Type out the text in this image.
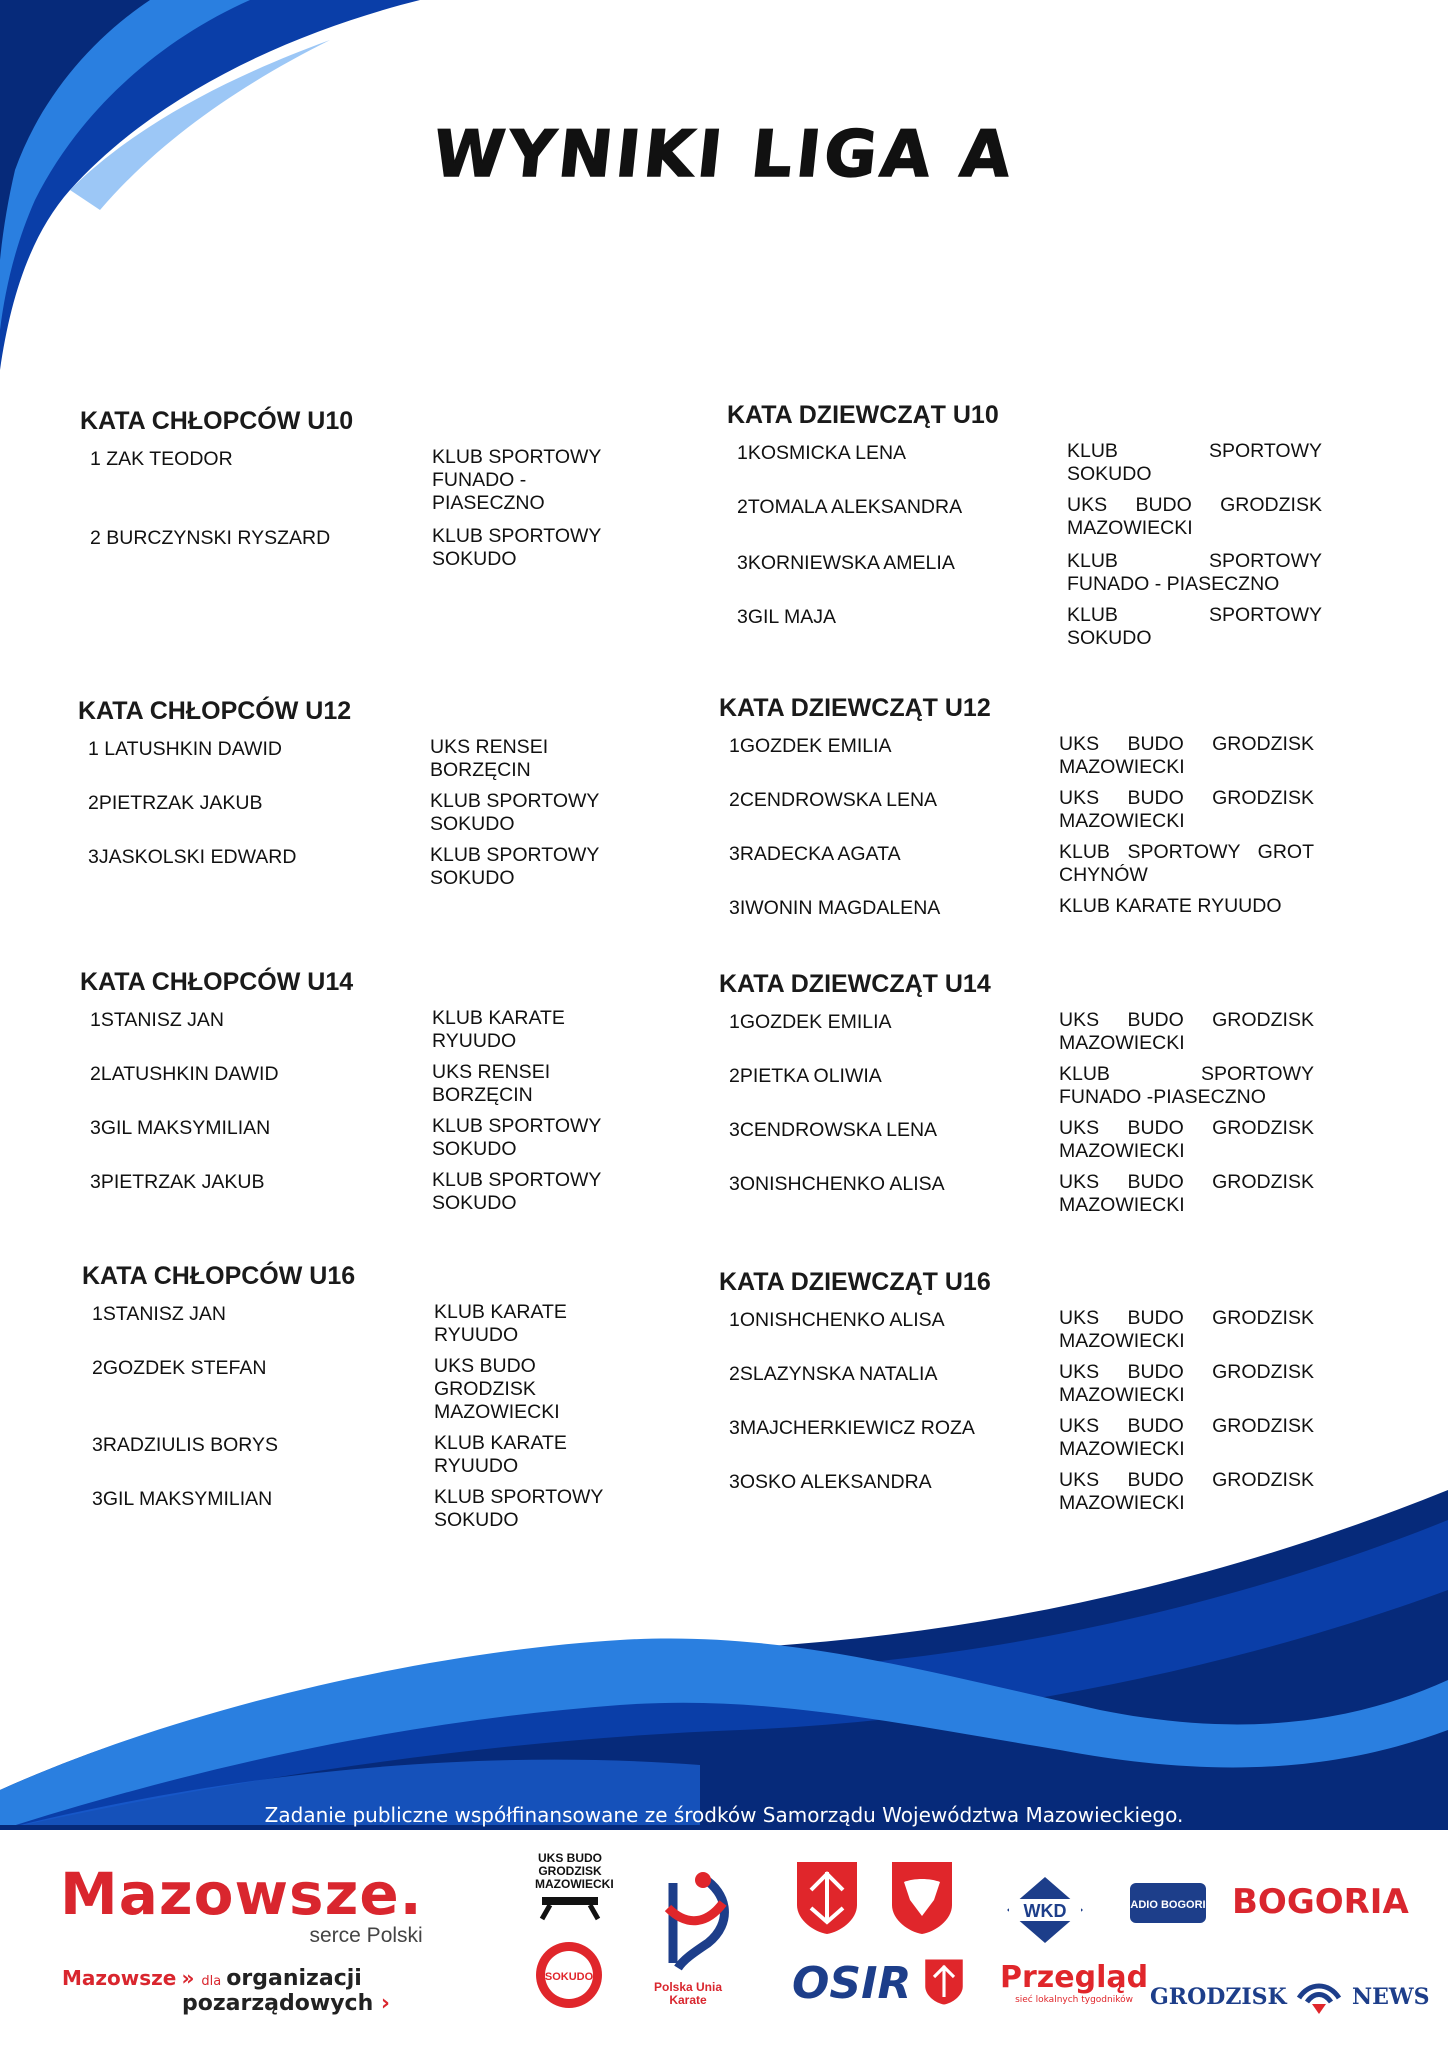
WYNIKI LIGA A
KATA CHŁOPCÓW U10
1 ZAK TEODOR	KLUB SPORTOWY FUNADO - PIASECZNO
2 BURCZYNSKI RYSZARD	KLUB SPORTOWY SOKUDO
KATA DZIEWCZĄT U10
1KOSMICKA LENA	KLUB SPORTOWY SOKUDO
2TOMALA ALEKSANDRA	UKS BUDO GRODZISK MAZOWIECKI
3KORNIEWSKA AMELIA	KLUB SPORTOWY FUNADO - PIASECZNO
3GIL MAJA	KLUB SPORTOWY SOKUDO
KATA CHŁOPCÓW U12
1 LATUSHKIN DAWID	UKS RENSEI BORZĘCIN
2PIETRZAK JAKUB	KLUB SPORTOWY SOKUDO
3JASKOLSKI EDWARD	KLUB SPORTOWY SOKUDO
KATA DZIEWCZĄT U12
1GOZDEK EMILIA	UKS BUDO GRODZISK MAZOWIECKI
2CENDROWSKA LENA	UKS BUDO GRODZISK MAZOWIECKI
3RADECKA AGATA	KLUB SPORTOWY GROT CHYNÓW
3IWONIN MAGDALENA	KLUB KARATE RYUUDO
KATA CHŁOPCÓW U14
1STANISZ JAN	KLUB KARATE RYUUDO
2LATUSHKIN DAWID	UKS RENSEI BORZĘCIN
3GIL MAKSYMILIAN	KLUB SPORTOWY SOKUDO
3PIETRZAK JAKUB	KLUB SPORTOWY SOKUDO
KATA DZIEWCZĄT U14
1GOZDEK EMILIA	UKS BUDO GRODZISK MAZOWIECKI
2PIETKA OLIWIA	KLUB SPORTOWY FUNADO -PIASECZNO
3CENDROWSKA LENA	UKS BUDO GRODZISK MAZOWIECKI
3ONISHCHENKO ALISA	UKS BUDO GRODZISK MAZOWIECKI
KATA CHŁOPCÓW U16
1STANISZ JAN	KLUB KARATE RYUUDO
2GOZDEK STEFAN	UKS BUDO GRODZISK MAZOWIECKI
3RADZIULIS BORYS	KLUB KARATE RYUUDO
3GIL MAKSYMILIAN	KLUB SPORTOWY SOKUDO
KATA DZIEWCZĄT U16
1ONISHCHENKO ALISA	UKS BUDO GRODZISK MAZOWIECKI
2SLAZYNSKA NATALIA	UKS BUDO GRODZISK MAZOWIECKI
3MAJCHERKIEWICZ ROZA	UKS BUDO GRODZISK MAZOWIECKI
3OSKO ALEKSANDRA	UKS BUDO GRODZISK MAZOWIECKI
Zadanie publiczne współfinansowane ze środków Samorządu Województwa Mazowieckiego.
Mazowsze.
serce Polski
Mazowsze » dla organizacji
pozarządowych ›
UKS BUDO GRODZISK MAZOWIECKI
SOKUDO
Polska Unia Karate
WKD	RADIO BOGORIA BOGORIA
OSIR	Przegląd
sieć lokalnych tygodników GRODZISK	NEWS
